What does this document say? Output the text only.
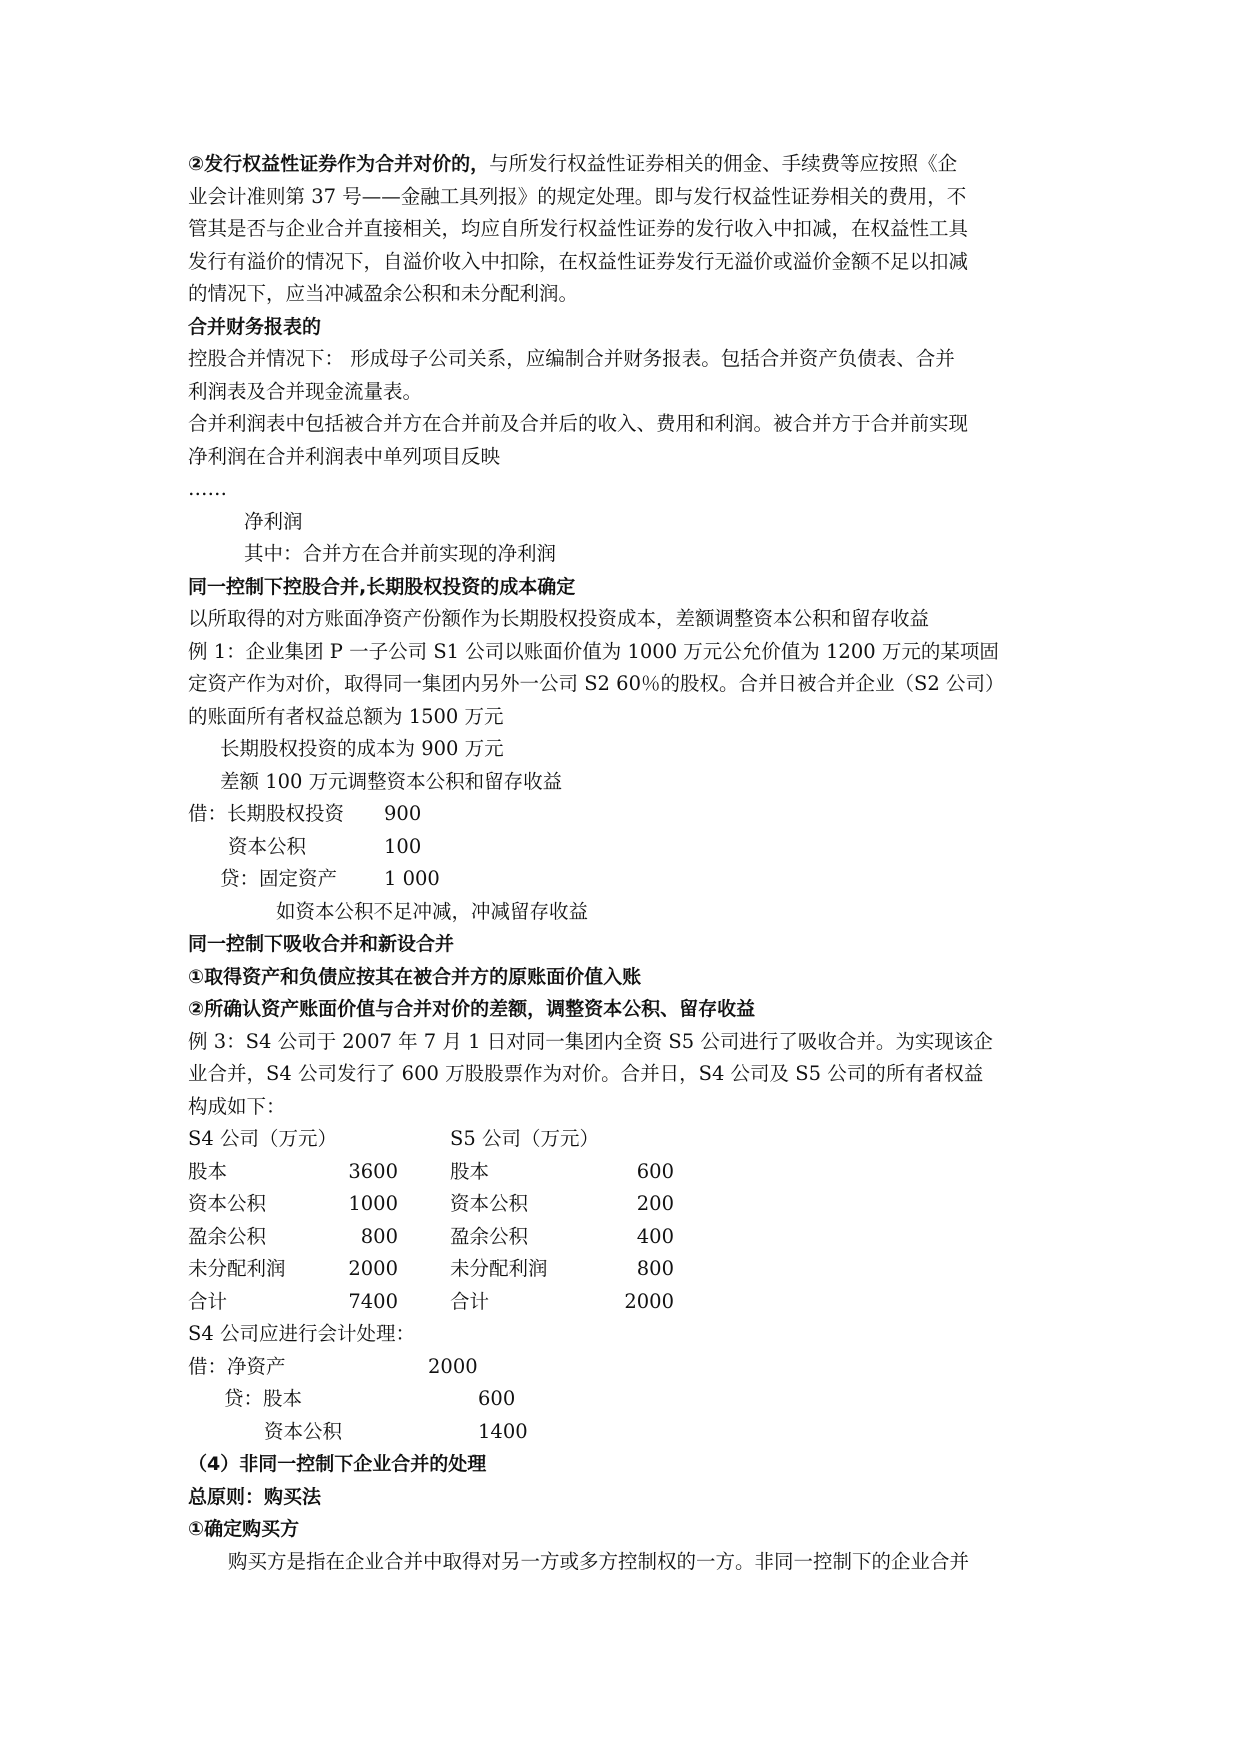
②发行权益性证券作为合并对价的，与所发行权益性证券相关的佣金、手续费等应按照《企
业会计准则第 37 号——金融工具列报》的规定处理。即与发行权益性证券相关的费用，不
管其是否与企业合并直接相关，均应自所发行权益性证券的发行收入中扣减，在权益性工具
发行有溢价的情况下，自溢价收入中扣除，在权益性证券发行无溢价或溢价金额不足以扣减
的情况下，应当冲减盈余公积和未分配利润。
合并财务报表的
控股合并情况下： 形成母子公司关系，应编制合并财务报表。包括合并资产负债表、合并
利润表及合并现金流量表。
合并利润表中包括被合并方在合并前及合并后的收入、费用和利润。被合并方于合并前实现
净利润在合并利润表中单列项目反映
……
净利润
其中：合并方在合并前实现的净利润
同一控制下控股合并,长期股权投资的成本确定
以所取得的对方账面净资产份额作为长期股权投资成本，差额调整资本公积和留存收益
例 1：企业集团 P 一子公司 S1 公司以账面价值为 1000 万元公允价值为 1200 万元的某项固
定资产作为对价，取得同一集团内另外一公司 S2 60％的股权。合并日被合并企业（S2 公司）
的账面所有者权益总额为 1500 万元
长期股权投资的成本为 900 万元
差额 100 万元调整资本公积和留存收益
借：长期股权投资	900
资本公积	100
贷：固定资产	1 000
如资本公积不足冲减，冲减留存收益
同一控制下吸收合并和新设合并
①取得资产和负债应按其在被合并方的原账面价值入账
②所确认资产账面价值与合并对价的差额，调整资本公积、留存收益
例 3：S4 公司于 2007 年 7 月 1 日对同一集团内全资 S5 公司进行了吸收合并。为实现该企
业合并，S4 公司发行了 600 万股股票作为对价。合并日，S4 公司及 S5 公司的所有者权益
构成如下：
S4 公司（万元）	S5 公司（万元）
股本	3600	股本	600
资本公积	1000	资本公积	200
盈余公积	800	盈余公积	400
未分配利润	2000	未分配利润	800
合计	7400	合计	2000
S4 公司应进行会计处理：
借：净资产	2000
贷：股本	600
资本公积	1400
（4）非同一控制下企业合并的处理
总原则：购买法
①确定购买方
购买方是指在企业合并中取得对另一方或多方控制权的一方。非同一控制下的企业合并
